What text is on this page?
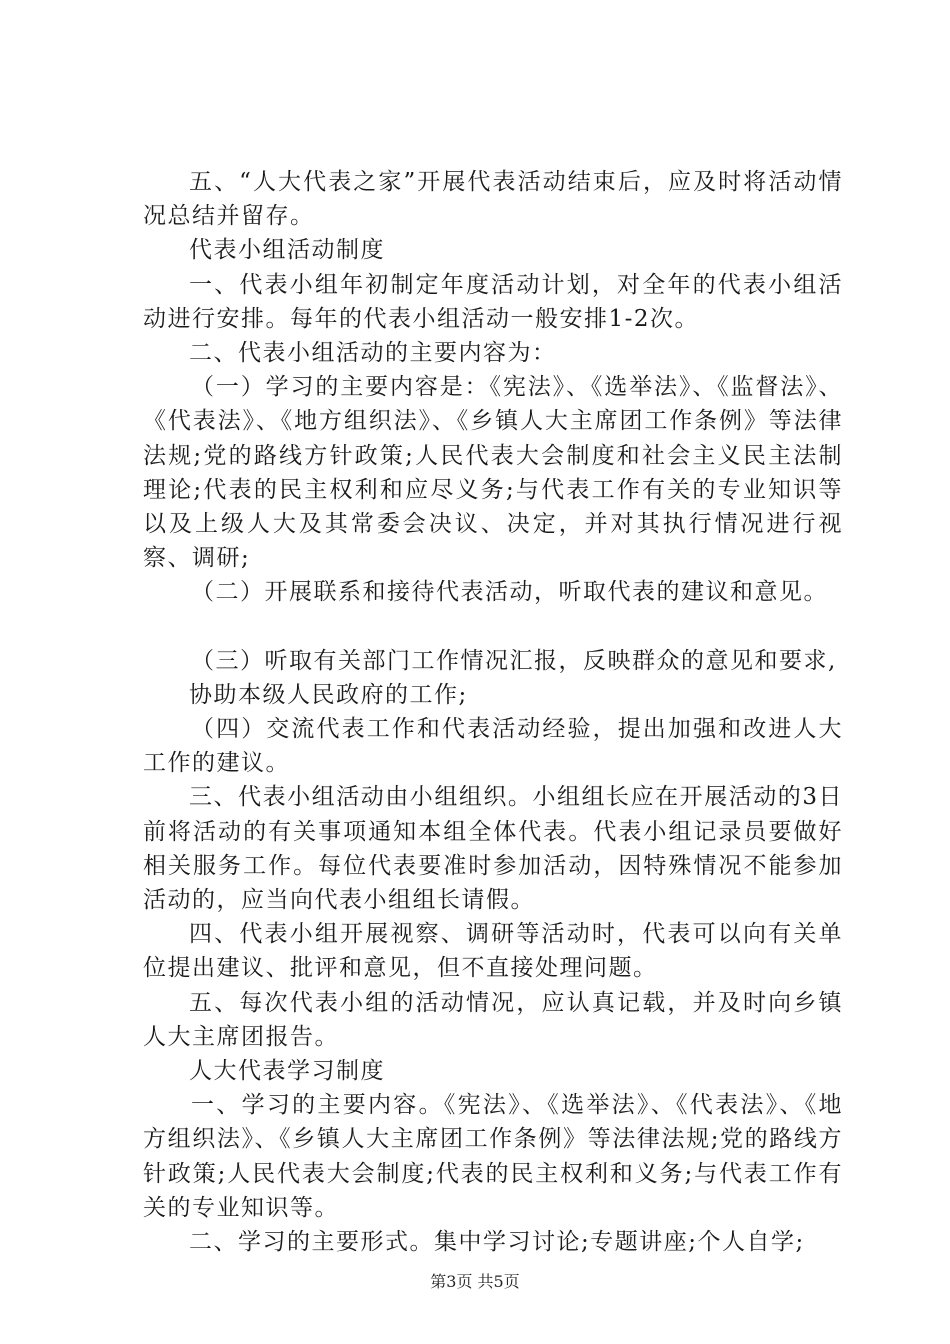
五、“人大代表之家”开展代表活动结束后，应及时将活动情况总结并留存。

代表小组活动制度

一、代表小组年初制定年度活动计划，对全年的代表小组活动进行安排。每年的代表小组活动一般安排1-2次。

二、代表小组活动的主要内容为：

（一）学习的主要内容是：《宪法》、《选举法》、《监督法》、《代表法》、《地方组织法》、《乡镇人大主席团工作条例》等法律法规;党的路线方针政策;人民代表大会制度和社会主义民主法制理论;代表的民主权利和应尽义务;与代表工作有关的专业知识等以及上级人大及其常委会决议、决定，并对其执行情况进行视察、调研;

（二）开展联系和接待代表活动，听取代表的建议和意见。

（三）听取有关部门工作情况汇报，反映群众的意见和要求,

协助本级人民政府的工作;

（四）交流代表工作和代表活动经验，提出加强和改进人大工作的建议。

三、代表小组活动由小组组织。小组组长应在开展活动的3日前将活动的有关事项通知本组全体代表。代表小组记录员要做好相关服务工作。每位代表要准时参加活动，因特殊情况不能参加活动的，应当向代表小组组长请假。

四、代表小组开展视察、调研等活动时，代表可以向有关单位提出建议、批评和意见，但不直接处理问题。

五、每次代表小组的活动情况，应认真记载，并及时向乡镇人大主席团报告。

人大代表学习制度

一、学习的主要内容。《宪法》、《选举法》、《代表法》、《地方组织法》、《乡镇人大主席团工作条例》等法律法规;党的路线方针政策;人民代表大会制度;代表的民主权利和义务;与代表工作有关的专业知识等。

二、学习的主要形式。集中学习讨论;专题讲座;个人自学;

第3页 共5页
